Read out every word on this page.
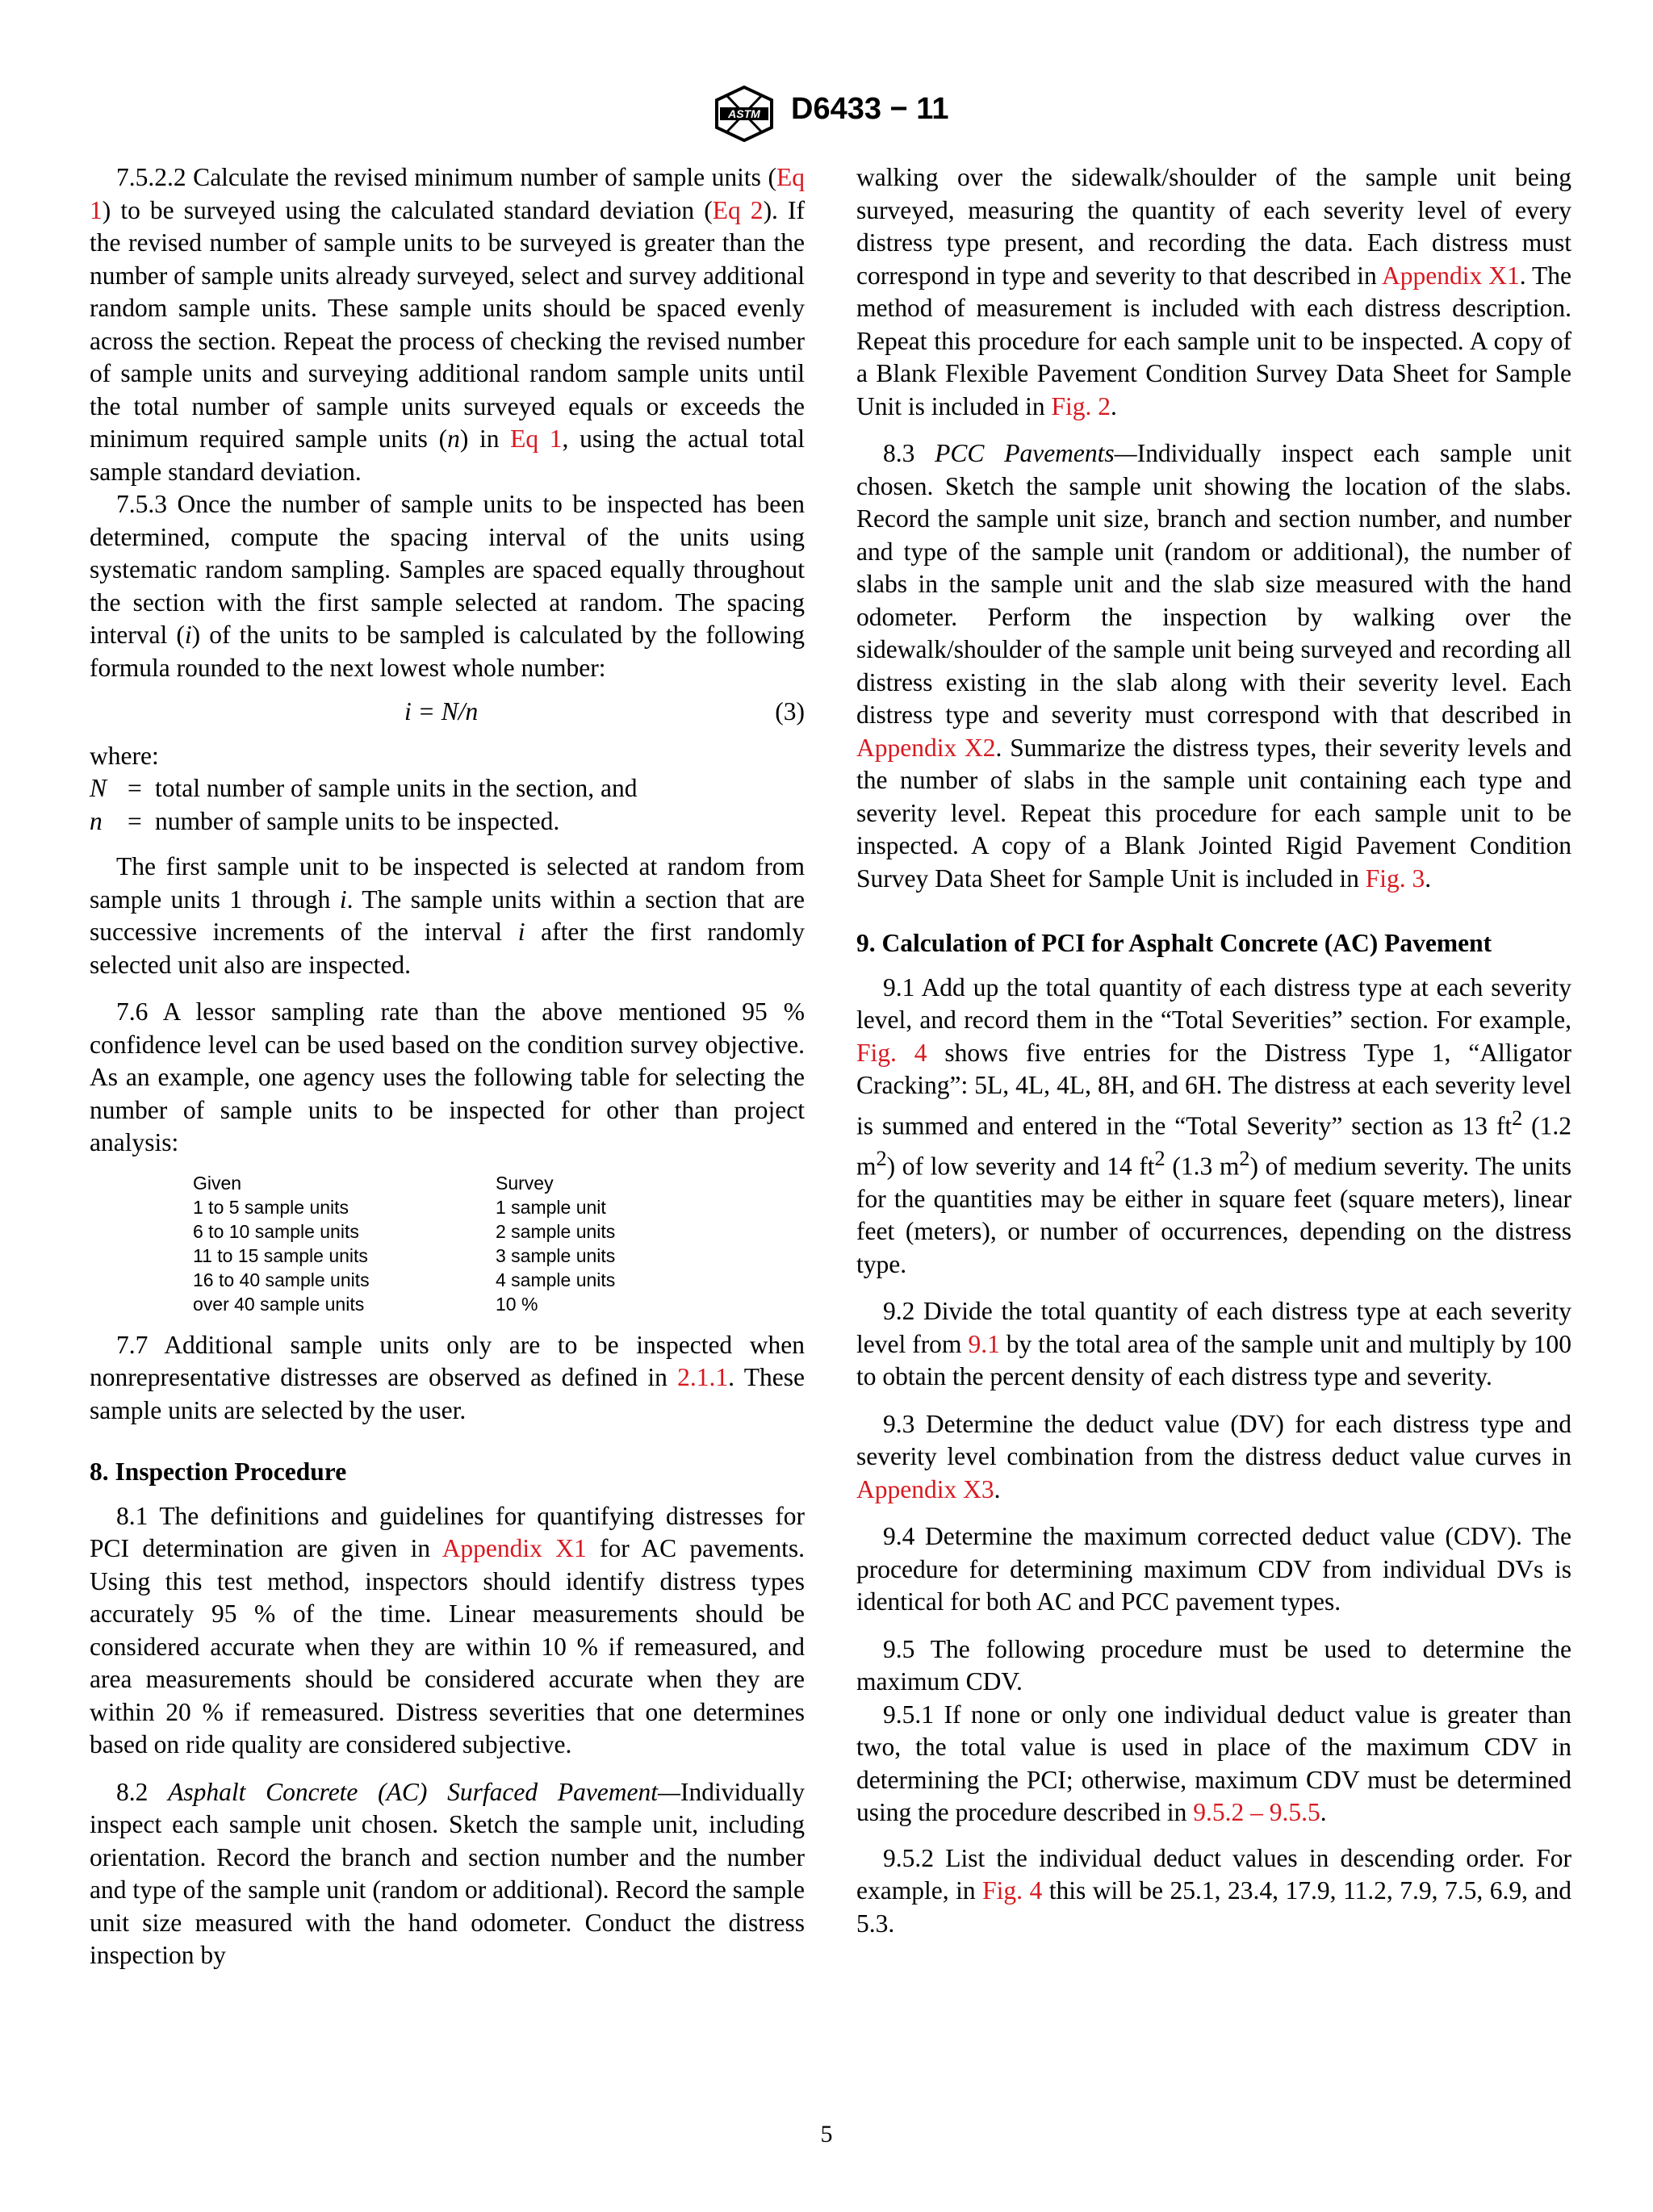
ASTM D6433 − 11

7.5.2.2 Calculate the revised minimum number of sample units (Eq 1) to be surveyed using the calculated standard deviation (Eq 2). If the revised number of sample units to be surveyed is greater than the number of sample units already surveyed, select and survey additional random sample units. These sample units should be spaced evenly across the section. Repeat the process of checking the revised number of sample units and surveying additional random sample units until the total number of sample units surveyed equals or exceeds the minimum required sample units (n) in Eq 1, using the actual total sample standard deviation.

7.5.3 Once the number of sample units to be inspected has been determined, compute the spacing interval of the units using systematic random sampling. Samples are spaced equally throughout the section with the first sample selected at random. The spacing interval (i) of the units to be sampled is calculated by the following formula rounded to the next lowest whole number:

i = N/n	(3)

where:

N = total number of sample units in the section, and
n = number of sample units to be inspected.

The first sample unit to be inspected is selected at random from sample units 1 through i. The sample units within a section that are successive increments of the interval i after the first randomly selected unit also are inspected.

7.6 A lessor sampling rate than the above mentioned 95 % confidence level can be used based on the condition survey objective. As an example, one agency uses the following table for selecting the number of sample units to be inspected for other than project analysis:

Given	Survey
1 to 5 sample units	1 sample unit
6 to 10 sample units	2 sample units
11 to 15 sample units	3 sample units
16 to 40 sample units	4 sample units
over 40 sample units	10 %

7.7 Additional sample units only are to be inspected when nonrepresentative distresses are observed as defined in 2.1.1. These sample units are selected by the user.

8. Inspection Procedure

8.1 The definitions and guidelines for quantifying distresses for PCI determination are given in Appendix X1 for AC pavements. Using this test method, inspectors should identify distress types accurately 95 % of the time. Linear measurements should be considered accurate when they are within 10 % if remeasured, and area measurements should be considered accurate when they are within 20 % if remeasured. Distress severities that one determines based on ride quality are considered subjective.

8.2 Asphalt Concrete (AC) Surfaced Pavement—Individually inspect each sample unit chosen. Sketch the sample unit, including orientation. Record the branch and section number and the number and type of the sample unit (random or additional). Record the sample unit size measured with the hand odometer. Conduct the distress inspection by

walking over the sidewalk/shoulder of the sample unit being surveyed, measuring the quantity of each severity level of every distress type present, and recording the data. Each distress must correspond in type and severity to that described in Appendix X1. The method of measurement is included with each distress description. Repeat this procedure for each sample unit to be inspected. A copy of a Blank Flexible Pavement Condition Survey Data Sheet for Sample Unit is included in Fig. 2.

8.3 PCC Pavements—Individually inspect each sample unit chosen. Sketch the sample unit showing the location of the slabs. Record the sample unit size, branch and section number, and number and type of the sample unit (random or additional), the number of slabs in the sample unit and the slab size measured with the hand odometer. Perform the inspection by walking over the sidewalk/shoulder of the sample unit being surveyed and recording all distress existing in the slab along with their severity level. Each distress type and severity must correspond with that described in Appendix X2. Summarize the distress types, their severity levels and the number of slabs in the sample unit containing each type and severity level. Repeat this procedure for each sample unit to be inspected. A copy of a Blank Jointed Rigid Pavement Condition Survey Data Sheet for Sample Unit is included in Fig. 3.

9. Calculation of PCI for Asphalt Concrete (AC) Pavement

9.1 Add up the total quantity of each distress type at each severity level, and record them in the “Total Severities” section. For example, Fig. 4 shows five entries for the Distress Type 1, “Alligator Cracking”: 5L, 4L, 4L, 8H, and 6H. The distress at each severity level is summed and entered in the “Total Severity” section as 13 $ft^2$ (1.2 $m^2$) of low severity and 14 $ft^2$ (1.3 $m^2$) of medium severity. The units for the quantities may be either in square feet (square meters), linear feet (meters), or number of occurrences, depending on the distress type.

9.2 Divide the total quantity of each distress type at each severity level from 9.1 by the total area of the sample unit and multiply by 100 to obtain the percent density of each distress type and severity.

9.3 Determine the deduct value (DV) for each distress type and severity level combination from the distress deduct value curves in Appendix X3.

9.4 Determine the maximum corrected deduct value (CDV). The procedure for determining maximum CDV from individual DVs is identical for both AC and PCC pavement types.

9.5 The following procedure must be used to determine the maximum CDV.

9.5.1 If none or only one individual deduct value is greater than two, the total value is used in place of the maximum CDV in determining the PCI; otherwise, maximum CDV must be determined using the procedure described in 9.5.2 – 9.5.5.

9.5.2 List the individual deduct values in descending order. For example, in Fig. 4 this will be 25.1, 23.4, 17.9, 11.2, 7.9, 7.5, 6.9, and 5.3.

5
